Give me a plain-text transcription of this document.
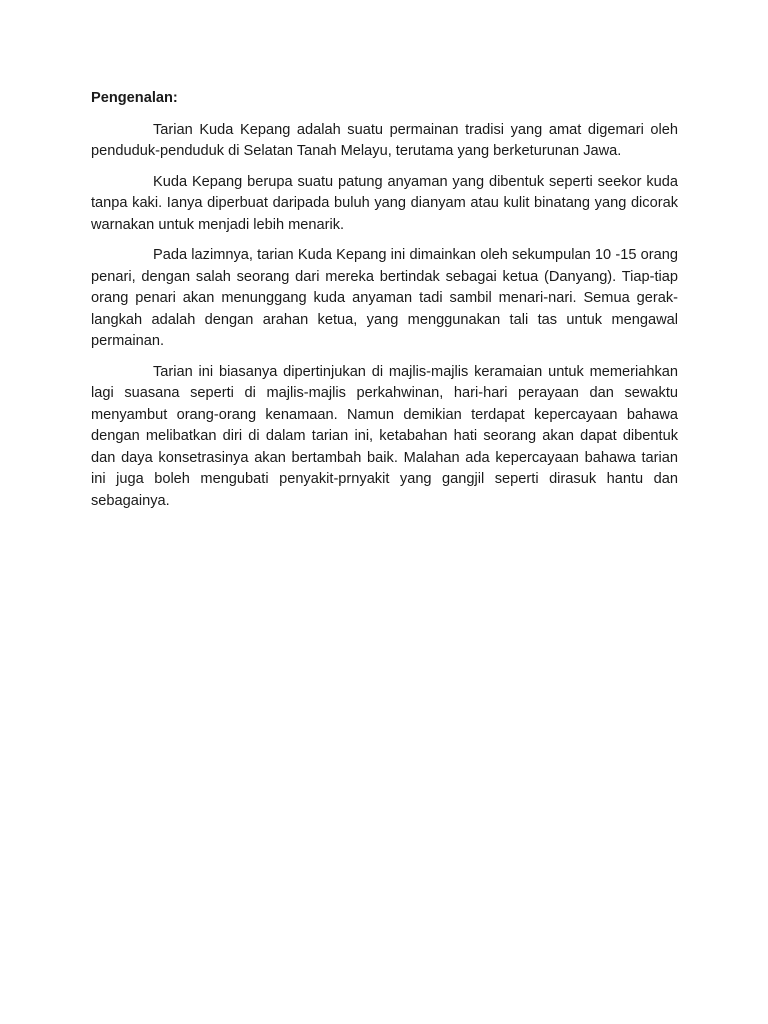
Pengenalan:

Tarian Kuda Kepang adalah suatu permainan tradisi yang amat digemari oleh penduduk-penduduk di Selatan Tanah Melayu, terutama yang berketurunan Jawa.

Kuda Kepang berupa suatu patung anyaman yang dibentuk seperti seekor kuda tanpa kaki. Ianya diperbuat daripada buluh yang dianyam atau kulit binatang yang dicorak warnakan untuk menjadi lebih menarik.

Pada lazimnya, tarian Kuda Kepang ini dimainkan oleh sekumpulan 10 -15 orang penari, dengan salah seorang dari mereka bertindak sebagai ketua (Danyang). Tiap-tiap orang penari akan menunggang kuda anyaman tadi sambil menari-nari. Semua gerak-langkah adalah dengan arahan ketua, yang menggunakan tali tas untuk mengawal permainan.

Tarian ini biasanya dipertinjukan di majlis-majlis keramaian untuk memeriahkan lagi suasana seperti di majlis-majlis perkahwinan, hari-hari perayaan dan sewaktu menyambut orang-orang kenamaan. Namun demikian terdapat kepercayaan bahawa dengan melibatkan diri di dalam tarian ini, ketabahan hati seorang akan dapat dibentuk dan daya konsetrasinya akan bertambah baik. Malahan ada kepercayaan bahawa tarian ini juga boleh mengubati penyakit-prnyakit yang gangjil seperti dirasuk hantu dan sebagainya.
